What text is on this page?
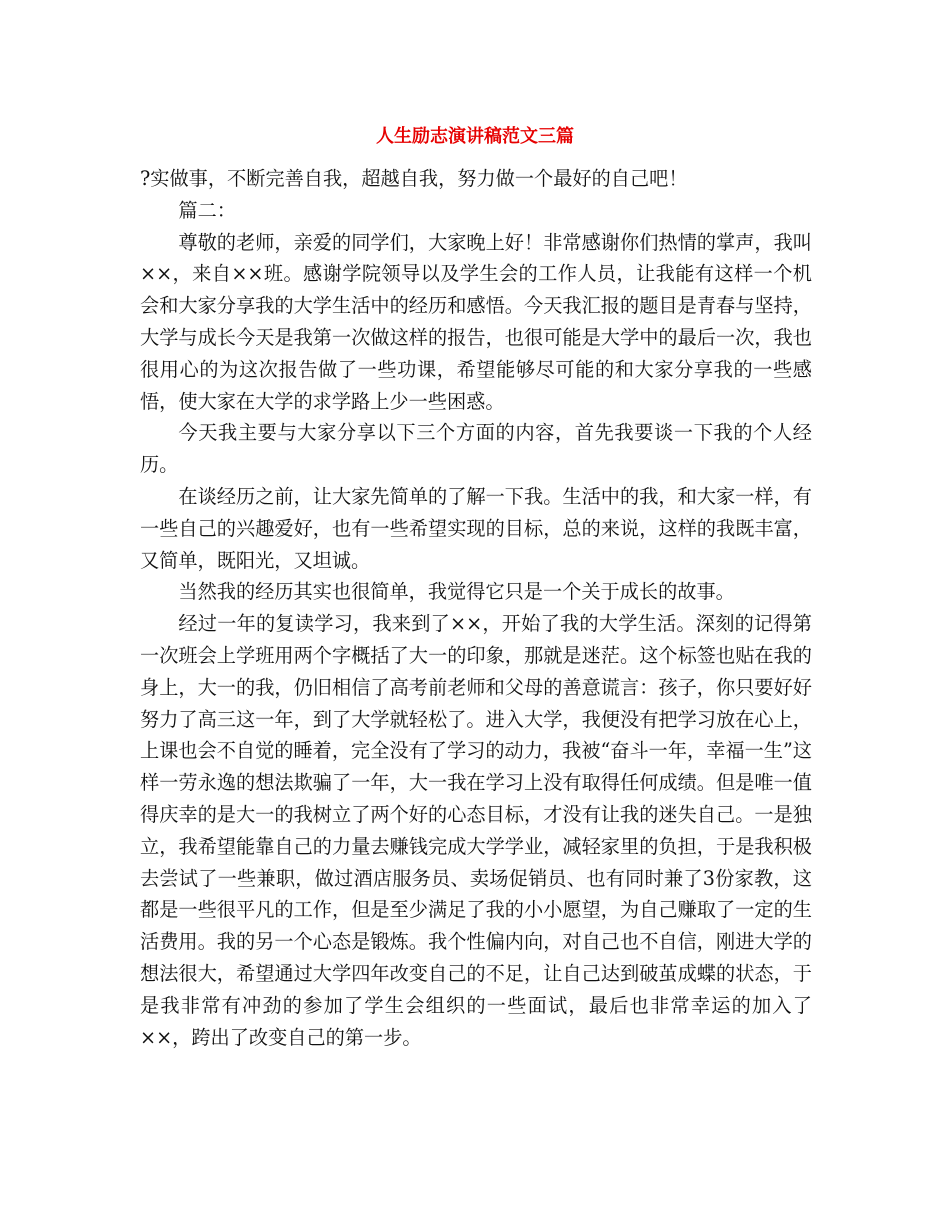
人生励志演讲稿范文三篇

?实做事，不断完善自我，超越自我，努力做一个最好的自己吧！

篇二：

尊敬的老师，亲爱的同学们，大家晚上好！非常感谢你们热情的掌声，我叫××，来自××班。感谢学院领导以及学生会的工作人员，让我能有这样一个机会和大家分享我的大学生活中的经历和感悟。今天我汇报的题目是青春与坚持，大学与成长今天是我第一次做这样的报告，也很可能是大学中的最后一次，我也很用心的为这次报告做了一些功课，希望能够尽可能的和大家分享我的一些感悟，使大家在大学的求学路上少一些困惑。

今天我主要与大家分享以下三个方面的内容，首先我要谈一下我的个人经历。

在谈经历之前，让大家先简单的了解一下我。生活中的我，和大家一样，有一些自己的兴趣爱好，也有一些希望实现的目标，总的来说，这样的我既丰富，又简单，既阳光，又坦诚。

当然我的经历其实也很简单，我觉得它只是一个关于成长的故事。

经过一年的复读学习，我来到了××，开始了我的大学生活。深刻的记得第一次班会上学班用两个字概括了大一的印象，那就是迷茫。这个标签也贴在我的身上，大一的我，仍旧相信了高考前老师和父母的善意谎言：孩子，你只要好好努力了高三这一年，到了大学就轻松了。进入大学，我便没有把学习放在心上，上课也会不自觉的睡着，完全没有了学习的动力，我被“奋斗一年，幸福一生”这样一劳永逸的想法欺骗了一年，大一我在学习上没有取得任何成绩。但是唯一值得庆幸的是大一的我树立了两个好的心态目标，才没有让我的迷失自己。一是独立，我希望能靠自己的力量去赚钱完成大学学业，减轻家里的负担，于是我积极去尝试了一些兼职，做过酒店服务员、卖场促销员、也有同时兼了3份家教，这都是一些很平凡的工作，但是至少满足了我的小小愿望，为自己赚取了一定的生活费用。我的另一个心态是锻炼。我个性偏内向，对自己也不自信，刚进大学的想法很大，希望通过大学四年改变自己的不足，让自己达到破茧成蝶的状态，于是我非常有冲劲的参加了学生会组织的一些面试，最后也非常幸运的加入了××，跨出了改变自己的第一步。
